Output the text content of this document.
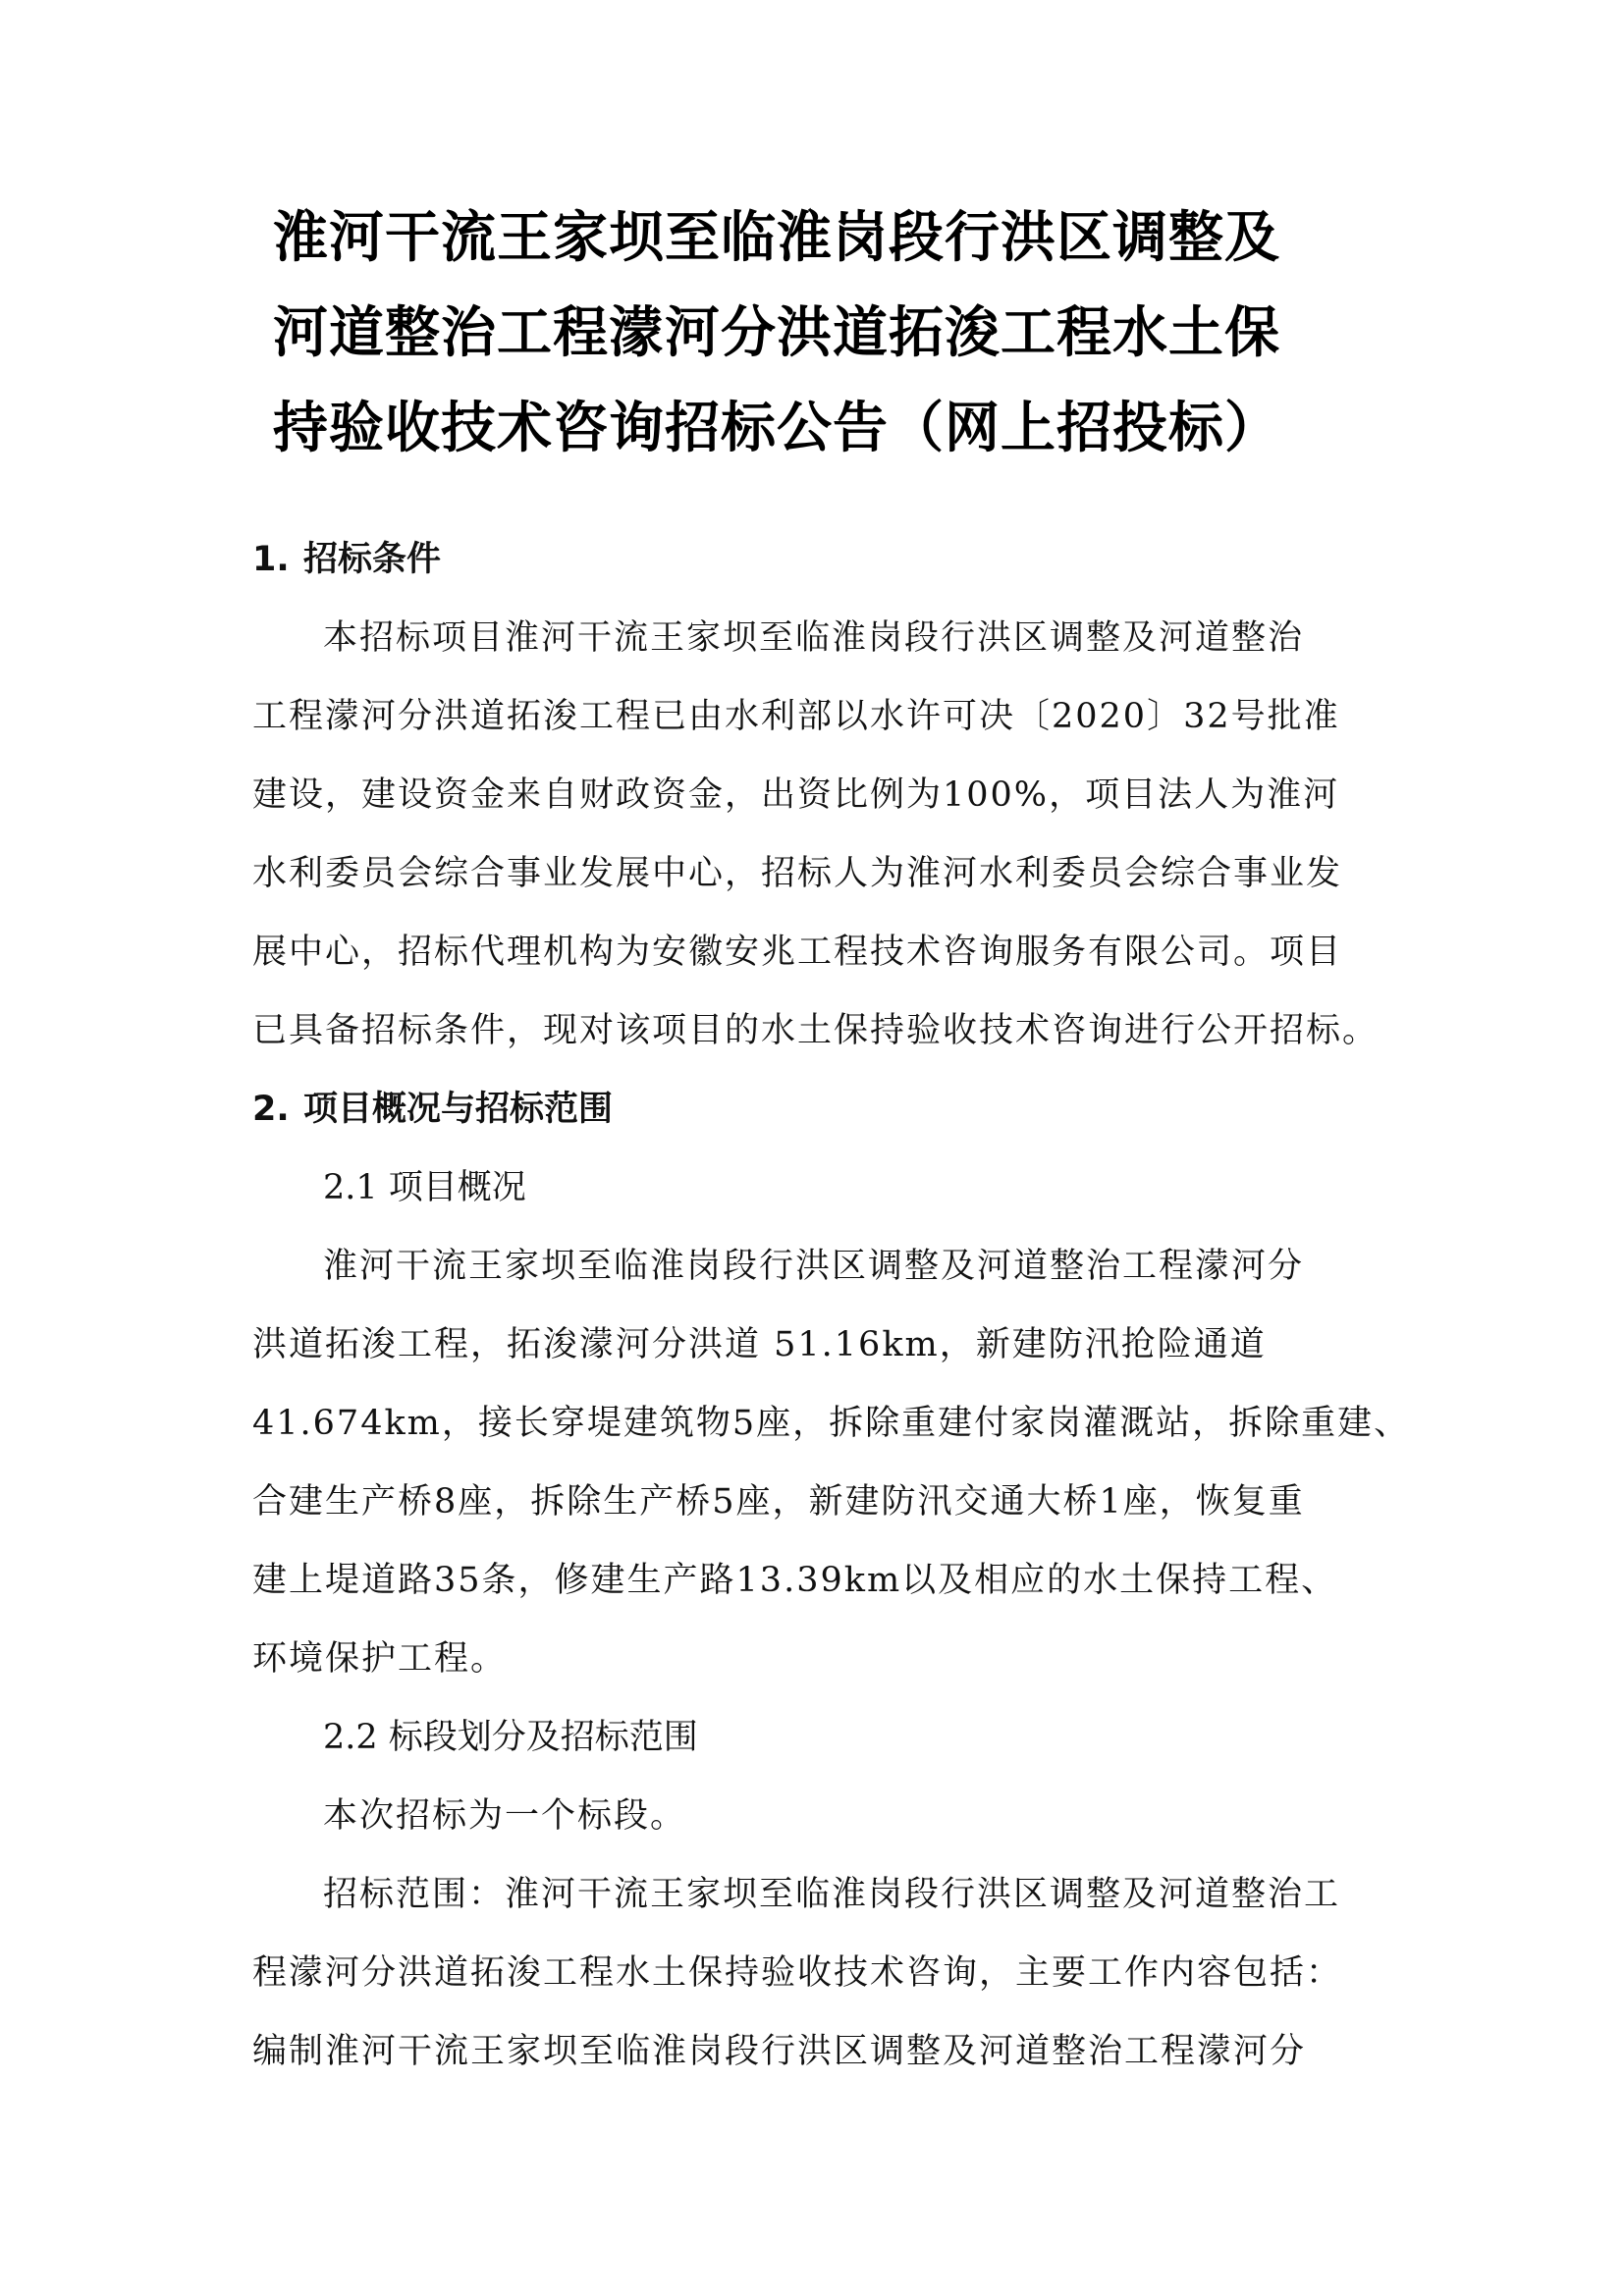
淮河干流王家坝至临淮岗段行洪区调整及
河道整治工程濛河分洪道拓浚工程水土保
持验收技术咨询招标公告（网上招投标）
1. 招标条件
本招标项目淮河干流王家坝至临淮岗段行洪区调整及河道整治
工程濛河分洪道拓浚工程已由水利部以水许可决〔2020〕32号批准
建设，建设资金来自财政资金，出资比例为100%，项目法人为淮河
水利委员会综合事业发展中心，招标人为淮河水利委员会综合事业发
展中心，招标代理机构为安徽安兆工程技术咨询服务有限公司。项目
已具备招标条件，现对该项目的水土保持验收技术咨询进行公开招标。
2. 项目概况与招标范围
2.1 项目概况
淮河干流王家坝至临淮岗段行洪区调整及河道整治工程濛河分
洪道拓浚工程，拓浚濛河分洪道 51.16km，新建防汛抢险通道
41.674km，接长穿堤建筑物5座，拆除重建付家岗灌溉站，拆除重建、
合建生产桥8座，拆除生产桥5座，新建防汛交通大桥1座，恢复重
建上堤道路35条，修建生产路13.39km以及相应的水土保持工程、
环境保护工程。
2.2 标段划分及招标范围
本次招标为一个标段。
招标范围：淮河干流王家坝至临淮岗段行洪区调整及河道整治工
程濛河分洪道拓浚工程水土保持验收技术咨询，主要工作内容包括：
编制淮河干流王家坝至临淮岗段行洪区调整及河道整治工程濛河分
